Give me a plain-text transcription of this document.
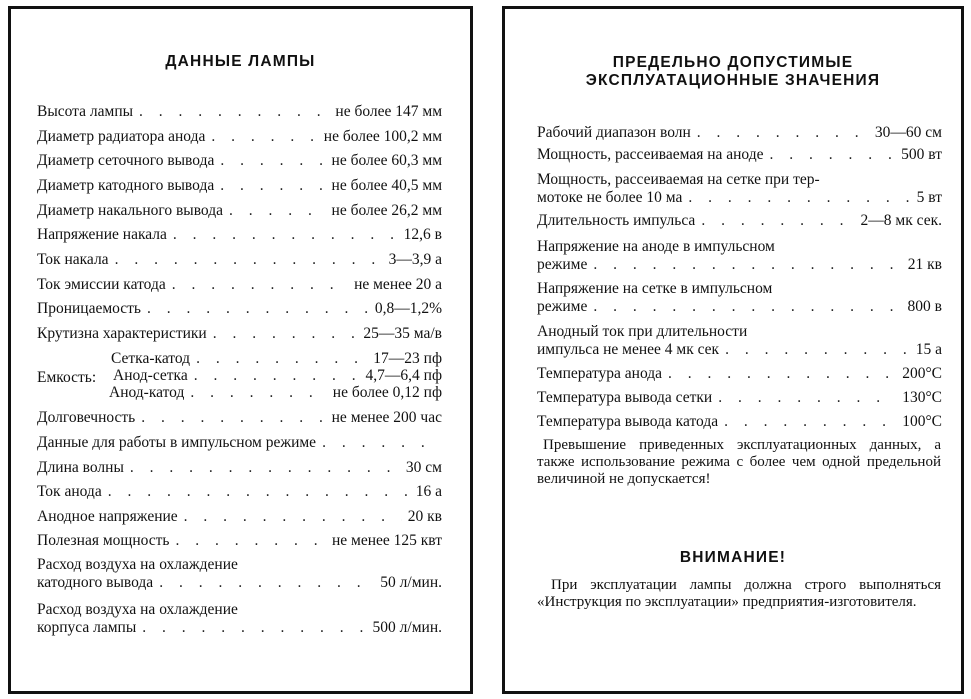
ДАННЫЕ ЛАМПЫ
Высота лампы . . .	не более 147 мм
Диаметр радиатора анода . . .	не более 100,2 мм
Диаметр сеточного вывода . . .	не более 60,3 мм
Диаметр катодного вывода . . .	не более 40,5 мм
Диаметр накального вывода . . .	не более 26,2 мм
Напряжение накала . . .	12,6 в
Ток накала . . .	3—3,9 а
Ток эмиссии катода . . .	не менее 20 а
Проницаемость . . .	0,8—1,2%
Крутизна характеристики . . .	25—35 ма/в
Емкость:
Сетка-катод . . .	17—23 пф
Анод-сетка . . .	4,7—6,4 пф
Анод-катод . . .	не более 0,12 пф
Долговечность . . .	не менее 200 час
Данные для работы в импульсном режиме
. . .
Длина волны . . .	30 см
Ток анода . . .	16 а
Анодное напряжение . . .	20 кв
Полезная мощность . . .	не менее 125 квт
Расход воздуха на охлаждение
катодного вывода . . .	50 л/мин.
Расход воздуха на охлаждение
корпуса лампы . . .	500 л/мин.
ПРЕДЕЛЬНО ДОПУСТИМЫЕ
ЭКСПЛУАТАЦИОННЫЕ ЗНАЧЕНИЯ
Рабочий диапазон волн . . .	30—60 см
Мощность, рассеиваемая на аноде . . .	500 вт
Мощность, рассеиваемая на сетке при тер-
мотоке не более 10 ма . . .	5 вт
Длительность импульса . . .	2—8 мк сек.
Напряжение на аноде в импульсном
режиме . . .	21 кв
Напряжение на сетке в импульсном
режиме . . .	800 в
Анодный ток при длительности
импульса не менее 4 мк сек . . .	15 а
Температура анода . . .	200°С
Температура вывода сетки . . .	130°С
Температура вывода катода . . .	100°С
Превышение приведенных эксплуатационных данных, а также использование режима с более чем одной предельной величиной не допускается!
ВНИМАНИЕ!
При эксплуатации лампы должна строго выполняться «Инструкция по эксплуатации» предприятия-изготовителя.
